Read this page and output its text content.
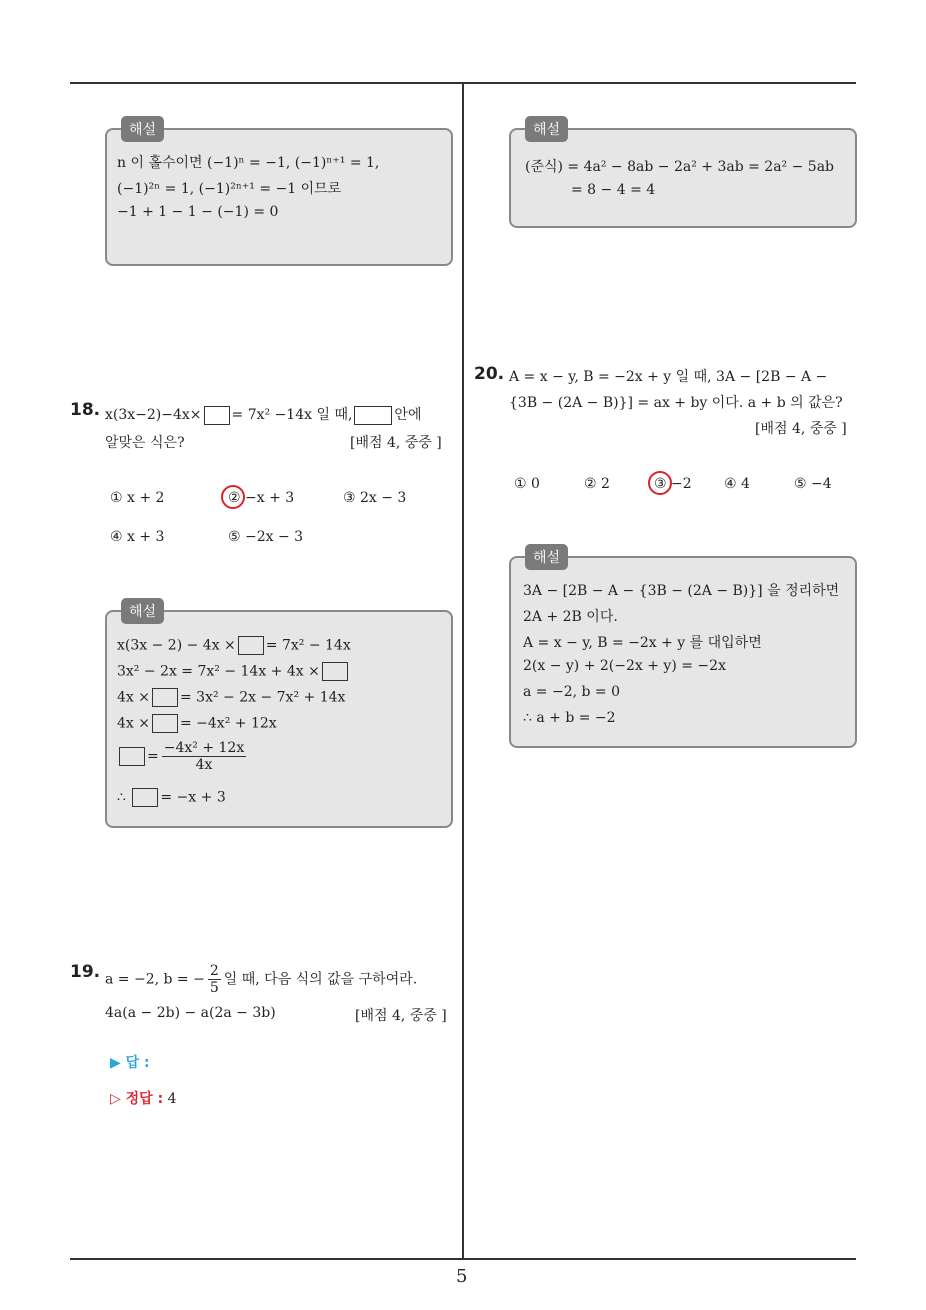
5
해설
n 이 홀수이면 (−1)ⁿ = −1, (−1)ⁿ⁺¹ = 1,
(−1)²ⁿ = 1, (−1)²ⁿ⁺¹ = −1 이므로
−1 + 1 − 1 − (−1) = 0
18. x(3x−2)−4x× = 7x² −14x 일 때,	안에
알맞은 식은?	[배점 4, 중중 ]
① x + 2	② −x + 3	③ 2x − 3
④ x + 3	⑤ −2x − 3
해설
x(3x − 2) − 4x × = 7x² − 14x
3x² − 2x = 7x² − 14x + 4x ×
4x × = 3x² − 2x − 7x² + 14x
4x × = −4x² + 12x
= $\frac{\text{−4x² + 12x}}{4x}$
∴ = −x + 3
19. a = −2, b = − $\frac{2}{5}$ 일 때, 다음 식의 값을 구하여라.
4a(a − 2b) − a(2a − 3b)	[배점 4, 중중 ]
▶ 답 :
▷ 정답 : 4
해설
(준식) = 4a² − 8ab − 2a² + 3ab = 2a² − 5ab
= 8 − 4 = 4
20. A = x − y, B = −2x + y 일 때, 3A − [2B − A −
{3B − (2A − B)}] = ax + by 이다. a + b 의 값은?
[배점 4, 중중 ]
① 0	② 2	③ −2 ④ 4	⑤ −4
해설
3A − [2B − A − {3B − (2A − B)}] 을 정리하면
2A + 2B 이다.
A = x − y, B = −2x + y 를 대입하면
2(x − y) + 2(−2x + y) = −2x
a = −2, b = 0
∴ a + b = −2
